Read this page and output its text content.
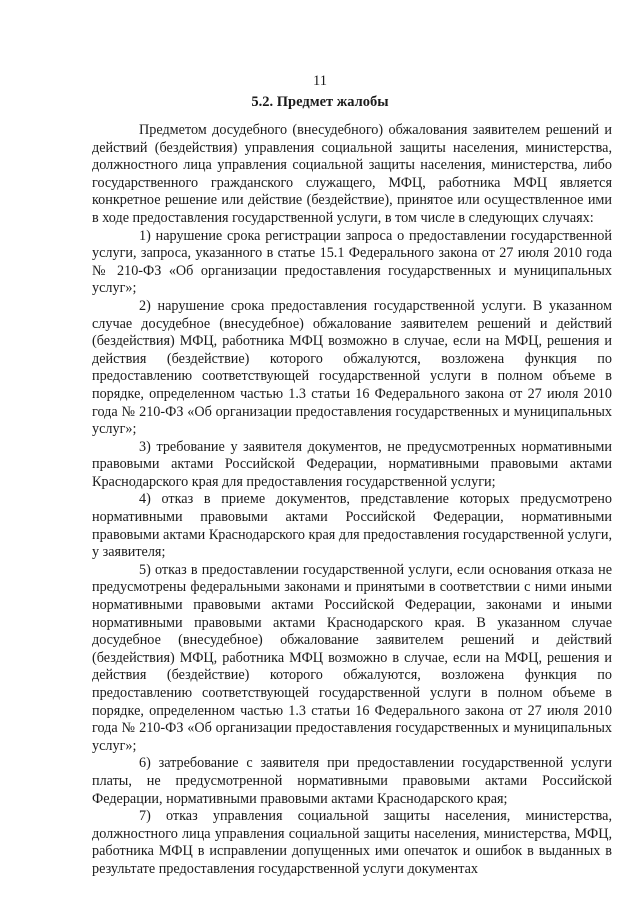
11
5.2. Предмет жалобы

Предметом досудебного (внесудебного) обжалования заявителем решений и действий (бездействия) управления социальной защиты населения, министерства, должностного лица управления социальной защиты населения, министерства, либо государственного гражданского служащего, МФЦ, работника МФЦ является конкретное решение или действие (бездействие), принятое или осуществленное ими в ходе предоставления государственной услуги, в том числе в следующих случаях:

1) нарушение срока регистрации запроса о предоставлении государственной услуги, запроса, указанного в статье 15.1 Федерального закона от 27 июля 2010 года № 210-ФЗ «Об организации предоставления государственных и муниципальных услуг»;

2) нарушение срока предоставления государственной услуги. В указанном случае досудебное (внесудебное) обжалование заявителем решений и действий (бездействия) МФЦ, работника МФЦ возможно в случае, если на МФЦ, решения и действия (бездействие) которого обжалуются, возложена функция по предоставлению соответствующей государственной услуги в полном объеме в порядке, определенном частью 1.3 статьи 16 Федерального закона от 27 июля 2010 года № 210-ФЗ «Об организации предоставления государственных и муниципальных услуг»;

3) требование у заявителя документов, не предусмотренных нормативными правовыми актами Российской Федерации, нормативными правовыми актами Краснодарского края для предоставления государственной услуги;

4) отказ в приеме документов, представление которых предусмотрено нормативными правовыми актами Российской Федерации, нормативными правовыми актами Краснодарского края для предоставления государственной услуги, у заявителя;

5) отказ в предоставлении государственной услуги, если основания отказа не предусмотрены федеральными законами и принятыми в соответствии с ними иными нормативными правовыми актами Российской Федерации, законами и иными нормативными правовыми актами Краснодарского края. В указанном случае досудебное (внесудебное) обжалование заявителем решений и действий (бездействия) МФЦ, работника МФЦ возможно в случае, если на МФЦ, решения и действия (бездействие) которого обжалуются, возложена функция по предоставлению соответствующей государственной услуги в полном объеме в порядке, определенном частью 1.3 статьи 16 Федерального закона от 27 июля 2010 года № 210-ФЗ «Об организации предоставления государственных и муниципальных услуг»;

6) затребование с заявителя при предоставлении государственной услуги платы, не предусмотренной нормативными правовыми актами Российской Федерации, нормативными правовыми актами Краснодарского края;

7) отказ управления социальной защиты населения, министерства, должностного лица управления социальной защиты населения, министерства, МФЦ, работника МФЦ в исправлении допущенных ими опечаток и ошибок в выданных в результате предоставления государственной услуги документах
